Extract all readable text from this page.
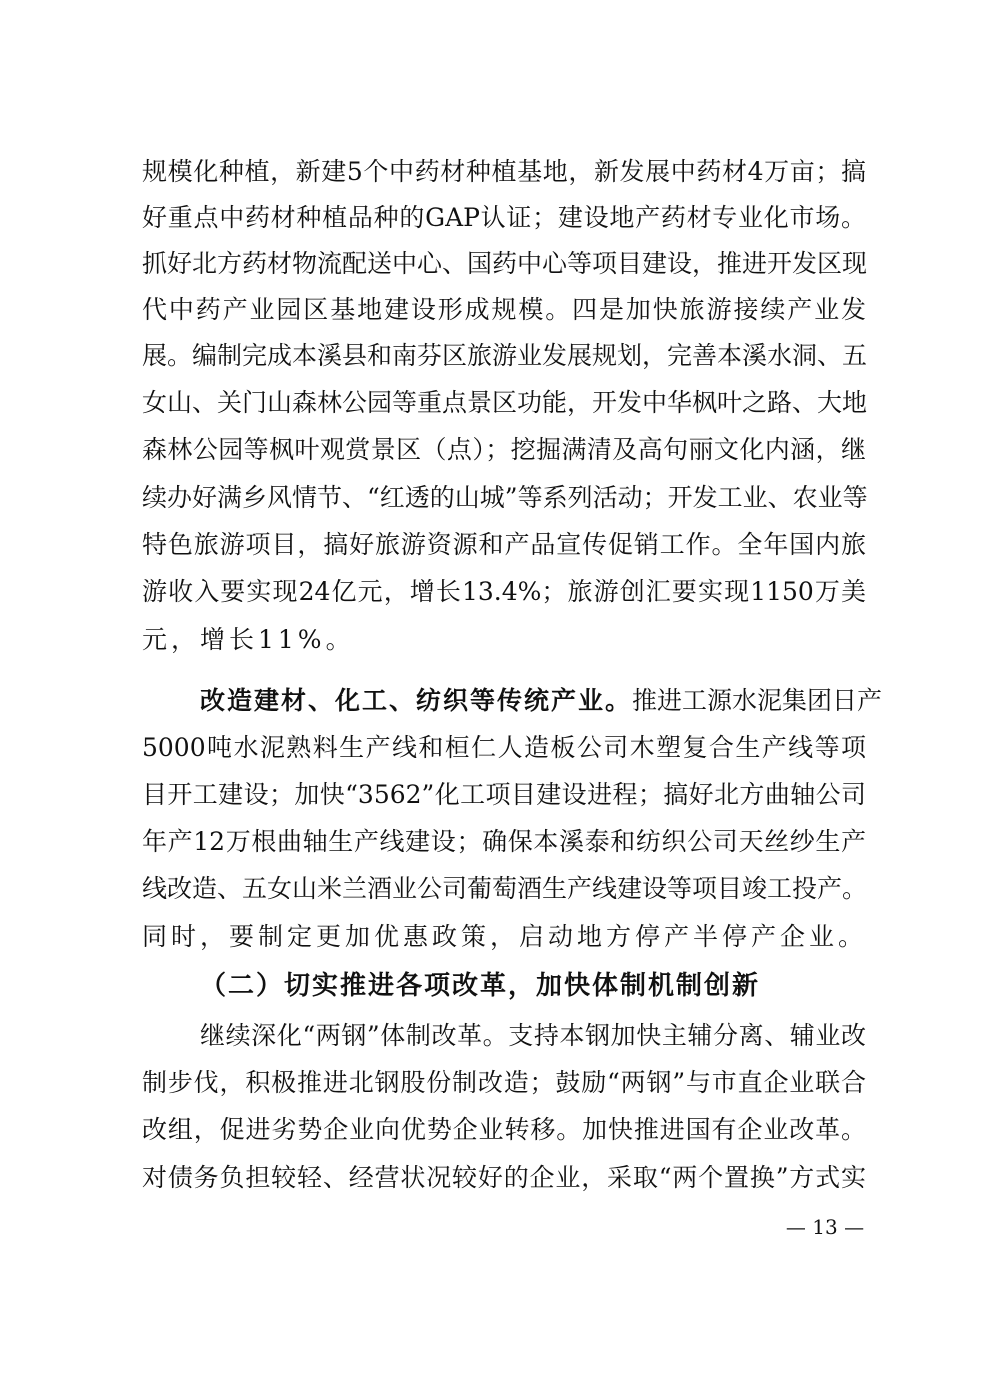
规模化种植，新建5个中药材种植基地，新发展中药材4万亩；搞
好重点中药材种植品种的GAP认证；建设地产药材专业化市场。
抓好北方药材物流配送中心、国药中心等项目建设，推进开发区现
代中药产业园区基地建设形成规模。四是加快旅游接续产业发
展。编制完成本溪县和南芬区旅游业发展规划，完善本溪水洞、五
女山、关门山森林公园等重点景区功能，开发中华枫叶之路、大地
森林公园等枫叶观赏景区（点）；挖掘满清及高句丽文化内涵，继
续办好满乡风情节、“红透的山城”等系列活动；开发工业、农业等
特色旅游项目，搞好旅游资源和产品宣传促销工作。全年国内旅
游收入要实现24亿元，增长13.4%；旅游创汇要实现1150万美
元，增长11%。
改造建材、化工、纺织等传统产业。推进工源水泥集团日产
5000吨水泥熟料生产线和桓仁人造板公司木塑复合生产线等项
目开工建设；加快“3562”化工项目建设进程；搞好北方曲轴公司
年产12万根曲轴生产线建设；确保本溪泰和纺织公司天丝纱生产
线改造、五女山米兰酒业公司葡萄酒生产线建设等项目竣工投产。
同时，要制定更加优惠政策，启动地方停产半停产企业。
（二）切实推进各项改革，加快体制机制创新
继续深化“两钢”体制改革。支持本钢加快主辅分离、辅业改
制步伐，积极推进北钢股份制改造；鼓励“两钢”与市直企业联合
改组，促进劣势企业向优势企业转移。加快推进国有企业改革。
对债务负担较轻、经营状况较好的企业，采取“两个置换”方式实
— 13 —
